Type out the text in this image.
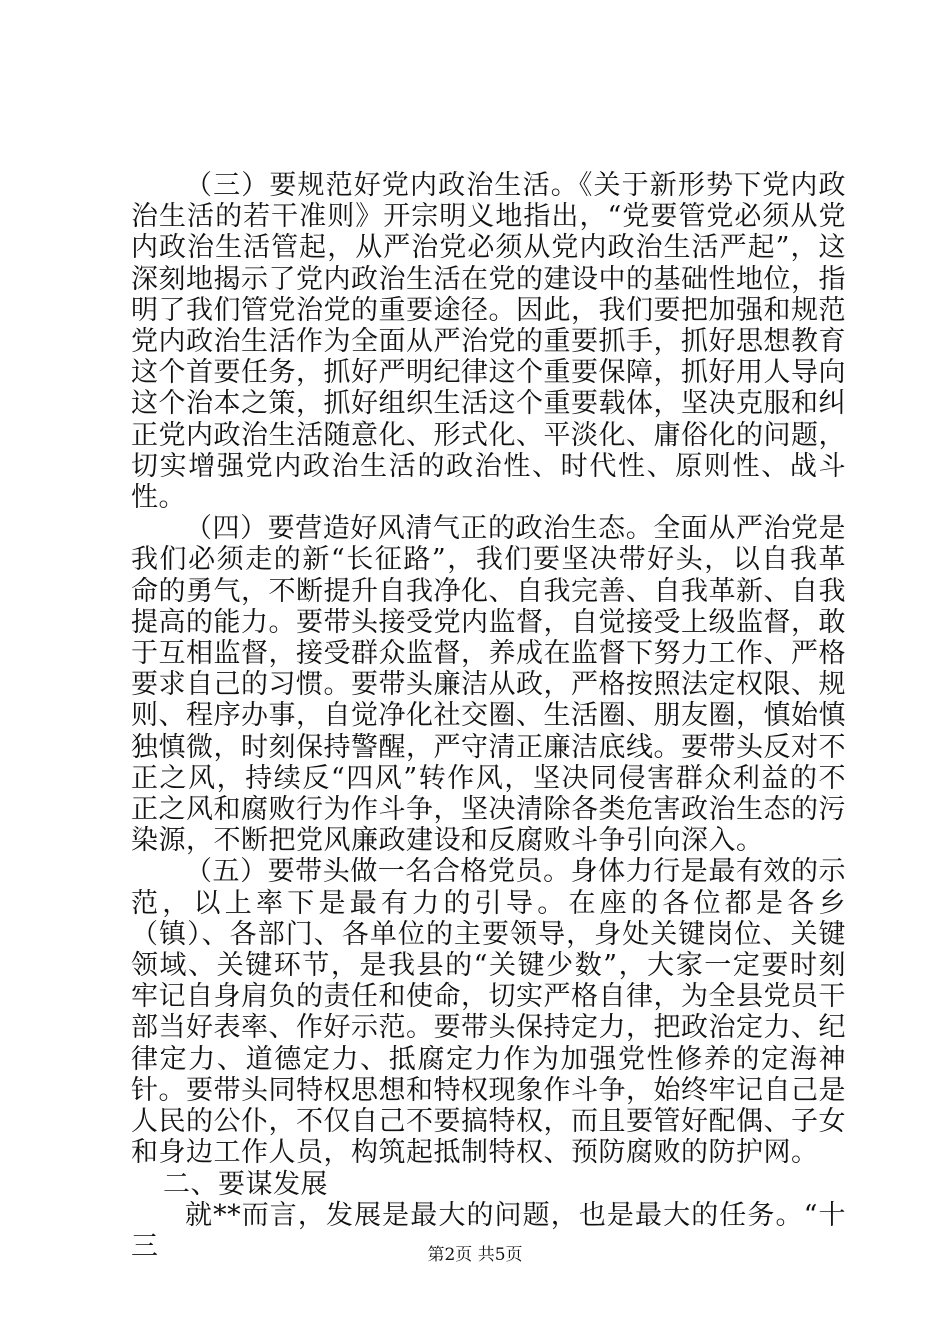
（三）要规范好党内政治生活。《关于新形势下党内政治生活的若干准则》开宗明义地指出，“党要管党必须从党内政治生活管起，从严治党必须从党内政治生活严起”，这深刻地揭示了党内政治生活在党的建设中的基础性地位，指明了我们管党治党的重要途径。因此，我们要把加强和规范党内政治生活作为全面从严治党的重要抓手，抓好思想教育这个首要任务，抓好严明纪律这个重要保障，抓好用人导向这个治本之策，抓好组织生活这个重要载体，坚决克服和纠正党内政治生活随意化、形式化、平淡化、庸俗化的问题，切实增强党内政治生活的政治性、时代性、原则性、战斗性。

（四）要营造好风清气正的政治生态。全面从严治党是我们必须走的新“长征路”，我们要坚决带好头，以自我革命的勇气，不断提升自我净化、自我完善、自我革新、自我提高的能力。要带头接受党内监督，自觉接受上级监督，敢于互相监督，接受群众监督，养成在监督下努力工作、严格要求自己的习惯。要带头廉洁从政，严格按照法定权限、规则、程序办事，自觉净化社交圈、生活圈、朋友圈，慎始慎独慎微，时刻保持警醒，严守清正廉洁底线。要带头反对不正之风，持续反“四风”转作风，坚决同侵害群众利益的不正之风和腐败行为作斗争，坚决清除各类危害政治生态的污染源，不断把党风廉政建设和反腐败斗争引向深入。

（五）要带头做一名合格党员。身体力行是最有效的示范，以上率下是最有力的引导。在座的各位都是各乡（镇）、各部门、各单位的主要领导，身处关键岗位、关键领域、关键环节，是我县的“关键少数”，大家一定要时刻牢记自身肩负的责任和使命，切实严格自律，为全县党员干部当好表率、作好示范。要带头保持定力，把政治定力、纪律定力、道德定力、抵腐定力作为加强党性修养的定海神针。要带头同特权思想和特权现象作斗争，始终牢记自己是人民的公仆，不仅自己不要搞特权，而且要管好配偶、子女和身边工作人员，构筑起抵制特权、预防腐败的防护网。

二、要谋发展

就**而言，发展是最大的问题，也是最大的任务。“十三	第2页 共5页
